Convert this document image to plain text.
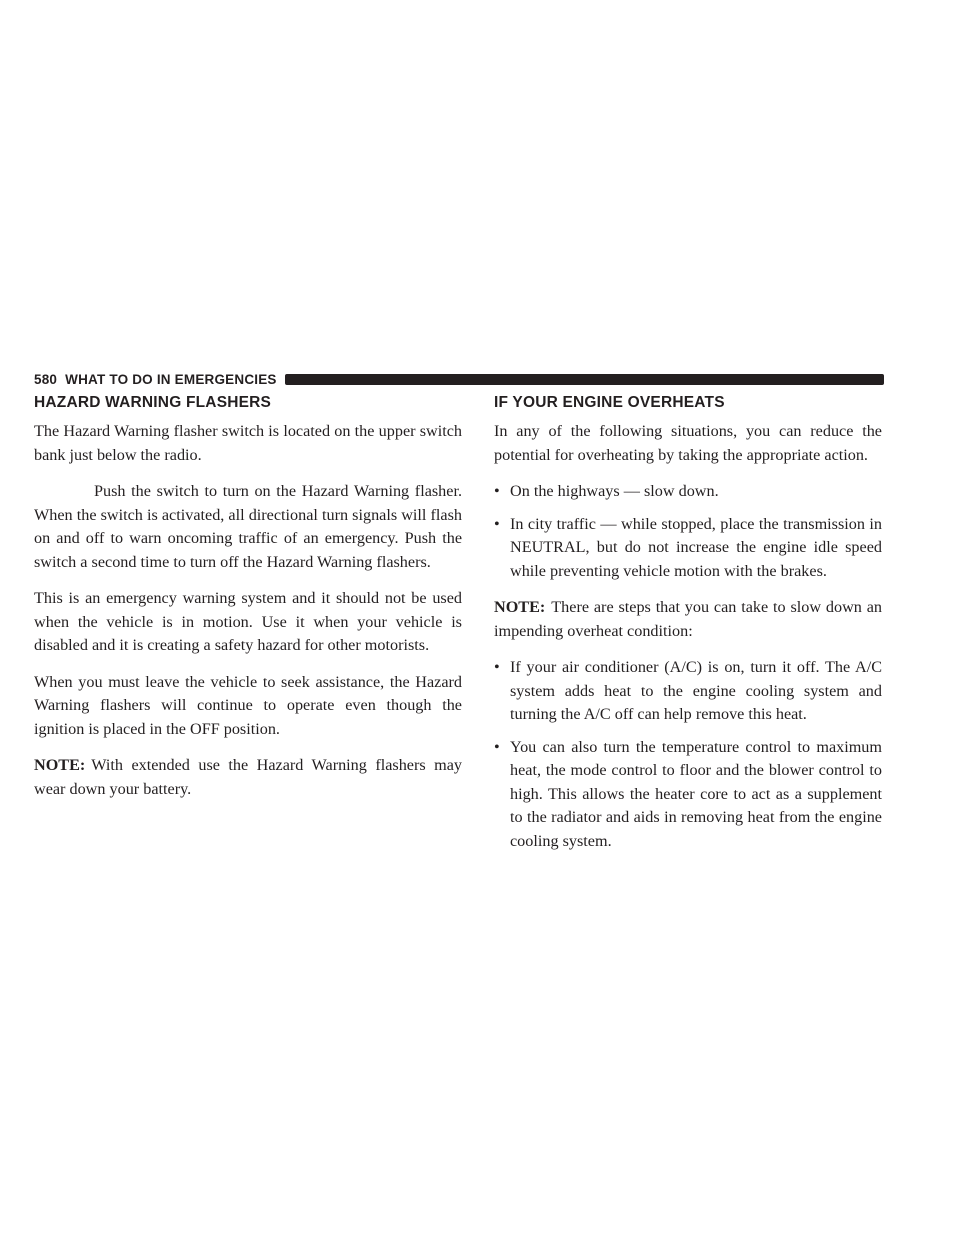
580 WHAT TO DO IN EMERGENCIES
HAZARD WARNING FLASHERS

The Hazard Warning flasher switch is located on the upper switch bank just below the radio.

Push the switch to turn on the Hazard Warning flasher. When the switch is activated, all directional turn signals will flash on and off to warn oncoming traffic of an emergency. Push the switch a second time to turn off the Hazard Warning flashers.

This is an emergency warning system and it should not be used when the vehicle is in motion. Use it when your vehicle is disabled and it is creating a safety hazard for other motorists.

When you must leave the vehicle to seek assistance, the Hazard Warning flashers will continue to operate even though the ignition is placed in the OFF position.

NOTE: With extended use the Hazard Warning flashers may wear down your battery.

IF YOUR ENGINE OVERHEATS

In any of the following situations, you can reduce the potential for overheating by taking the appropriate action.

• On the highways — slow down.
• In city traffic — while stopped, place the transmission in NEUTRAL, but do not increase the engine idle speed while preventing vehicle motion with the brakes.

NOTE: There are steps that you can take to slow down an impending overheat condition:

• If your air conditioner (A/C) is on, turn it off. The A/C system adds heat to the engine cooling system and turning the A/C off can help remove this heat.
• You can also turn the temperature control to maximum heat, the mode control to floor and the blower control to high. This allows the heater core to act as a supplement to the radiator and aids in removing heat from the engine cooling system.
